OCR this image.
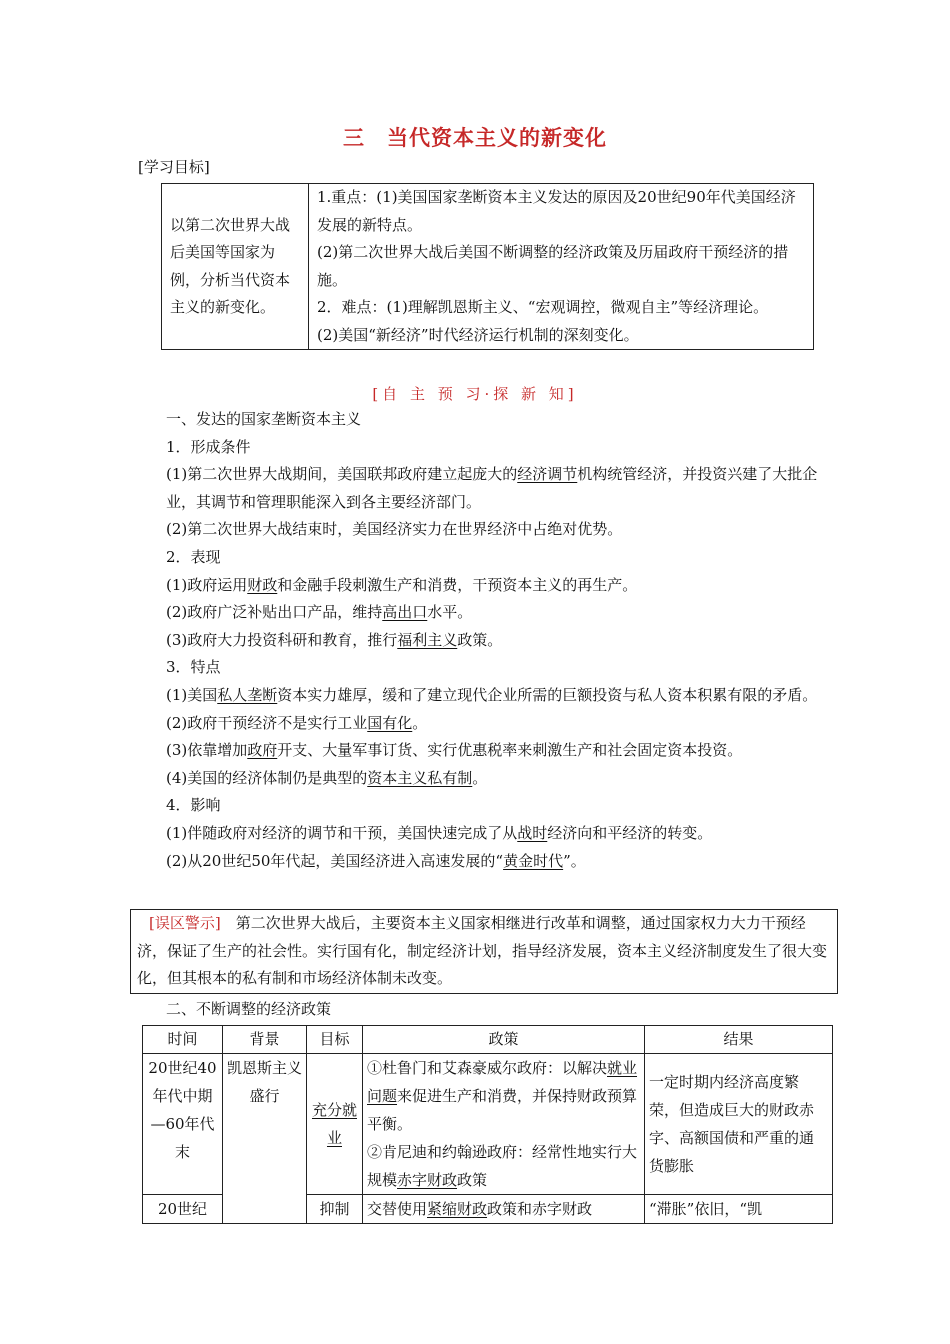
三　当代资本主义的新变化
[学习目标]
以第二次世界大战后美国等国家为例，分析当代资本主义的新变化。	
1.重点：(1)美国国家垄断资本主义发达的原因及20世纪90年代美国经济发展的新特点。
(2)第二次世界大战后美国不断调整的经济政策及历届政府干预经济的措施。
2．难点：(1)理解凯恩斯主义、“宏观调控，微观自主”等经济理论。
(2)美国“新经济”时代经济运行机制的深刻变化。
[自 主 预 习·探 新 知]

一、发达的国家垄断资本主义

1．形成条件

(1)第二次世界大战期间，美国联邦政府建立起庞大的经济调节机构统管经济，并投资兴建了大批企业，其调节和管理职能深入到各主要经济部门。

(2)第二次世界大战结束时，美国经济实力在世界经济中占绝对优势。

2．表现

(1)政府运用财政和金融手段刺激生产和消费，干预资本主义的再生产。

(2)政府广泛补贴出口产品，维持高出口水平。

(3)政府大力投资科研和教育，推行福利主义政策。

3．特点

(1)美国私人垄断资本实力雄厚，缓和了建立现代企业所需的巨额投资与私人资本积累有限的矛盾。

(2)政府干预经济不是实行工业国有化。

(3)依靠增加政府开支、大量军事订货、实行优惠税率来刺激生产和社会固定资本投资。

(4)美国的经济体制仍是典型的资本主义私有制。

4．影响

(1)伴随政府对经济的调节和干预，美国快速完成了从战时经济向和平经济的转变。

(2)从20世纪50年代起，美国经济进入高速发展的“黄金时代”。

[误区警示]　第二次世界大战后，主要资本主义国家相继进行改革和调整，通过国家权力大力干预经济，保证了生产的社会性。实行国有化，制定经济计划，指导经济发展，资本主义经济制度发生了很大变化，但其根本的私有制和市场经济体制未改变。
二、不断调整的经济政策
时间	背景	目标	政策	结果
20世纪40年代中期—60年代末	凯恩斯主义盛行	充分就业	①杜鲁门和艾森豪威尔政府：以解决就业问题来促进生产和消费，并保持财政预算平衡。
②肯尼迪和约翰逊政府：经常性地实行大规模赤字财政政策	一定时期内经济高度繁荣，但造成巨大的财政赤字、高额国债和严重的通货膨胀
20世纪		抑制	交替使用紧缩财政政策和赤字财政	“滞胀”依旧，“凯
